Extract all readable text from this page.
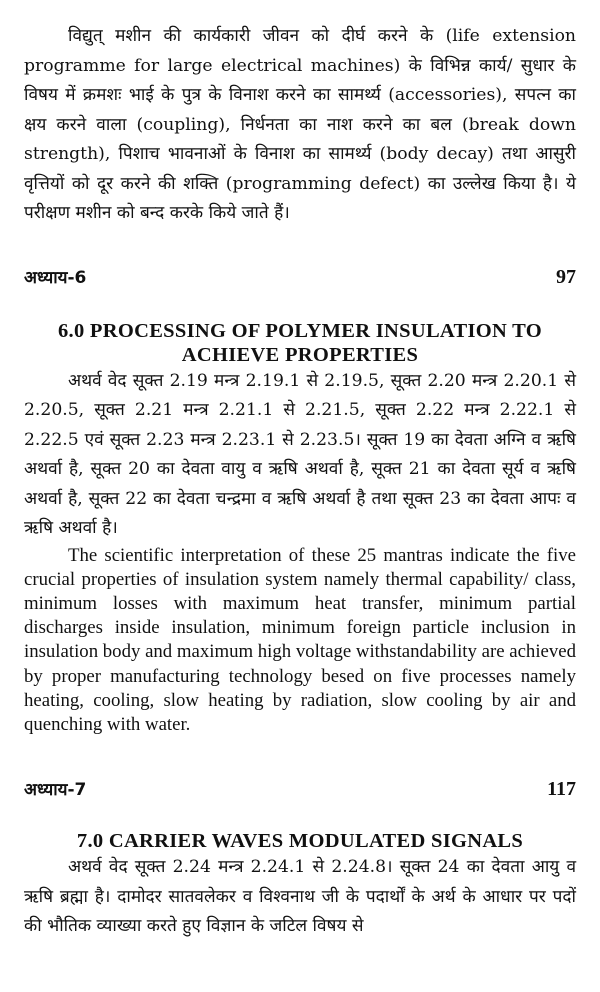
विद्युत् मशीन की कार्यकारी जीवन को दीर्घ करने के (life extension programme for large electrical machines) के विभिन्न कार्य/ सुधार के विषय में क्रमशः भाई के पुत्र के विनाश करने का सामर्थ्य (accessories), सपत्न का क्षय करने वाला (coupling), निर्धनता का नाश करने का बल (break down strength), पिशाच भावनाओं के विनाश का सामर्थ्य (body decay) तथा आसुरी वृत्तियों को दूर करने की शक्ति (programming defect) का उल्लेख किया है। ये परीक्षण मशीन को बन्द करके किये जाते हैं।

अध्याय-6	97
6.0 PROCESSING OF POLYMER INSULATION TO
ACHIEVE PROPERTIES

अथर्व वेद सूक्त 2.19 मन्त्र 2.19.1 से 2.19.5, सूक्त 2.20 मन्त्र 2.20.1 से 2.20.5, सूक्त 2.21 मन्त्र 2.21.1 से 2.21.5, सूक्त 2.22 मन्त्र 2.22.1 से 2.22.5 एवं सूक्त 2.23 मन्त्र 2.23.1 से 2.23.5। सूक्त 19 का देवता अग्नि व ऋषि अथर्वा है, सूक्त 20 का देवता वायु व ऋषि अथर्वा है, सूक्त 21 का देवता सूर्य व ऋषि अथर्वा है, सूक्त 22 का देवता चन्द्रमा व ऋषि अथर्वा है तथा सूक्त 23 का देवता आपः व ऋषि अथर्वा है।

The scientific interpretation of these 25 mantras indicate the five crucial properties of insulation system namely thermal capability/ class, minimum losses with maximum heat transfer, minimum partial discharges inside insulation, minimum foreign particle inclusion in insulation body and maximum high voltage withstandability are achieved by proper manufacturing technology besed on five processes namely heating, cooling, slow heating by radiation, slow cooling by air and quenching with water.

अध्याय-7	117
7.0 CARRIER WAVES MODULATED SIGNALS

अथर्व वेद सूक्त 2.24 मन्त्र 2.24.1 से 2.24.8। सूक्त 24 का देवता आयु व ऋषि ब्रह्मा है। दामोदर सातवलेकर व विश्वनाथ जी के पदार्थों के अर्थ के आधार पर पदों की भौतिक व्याख्या करते हुए विज्ञान के जटिल विषय से
